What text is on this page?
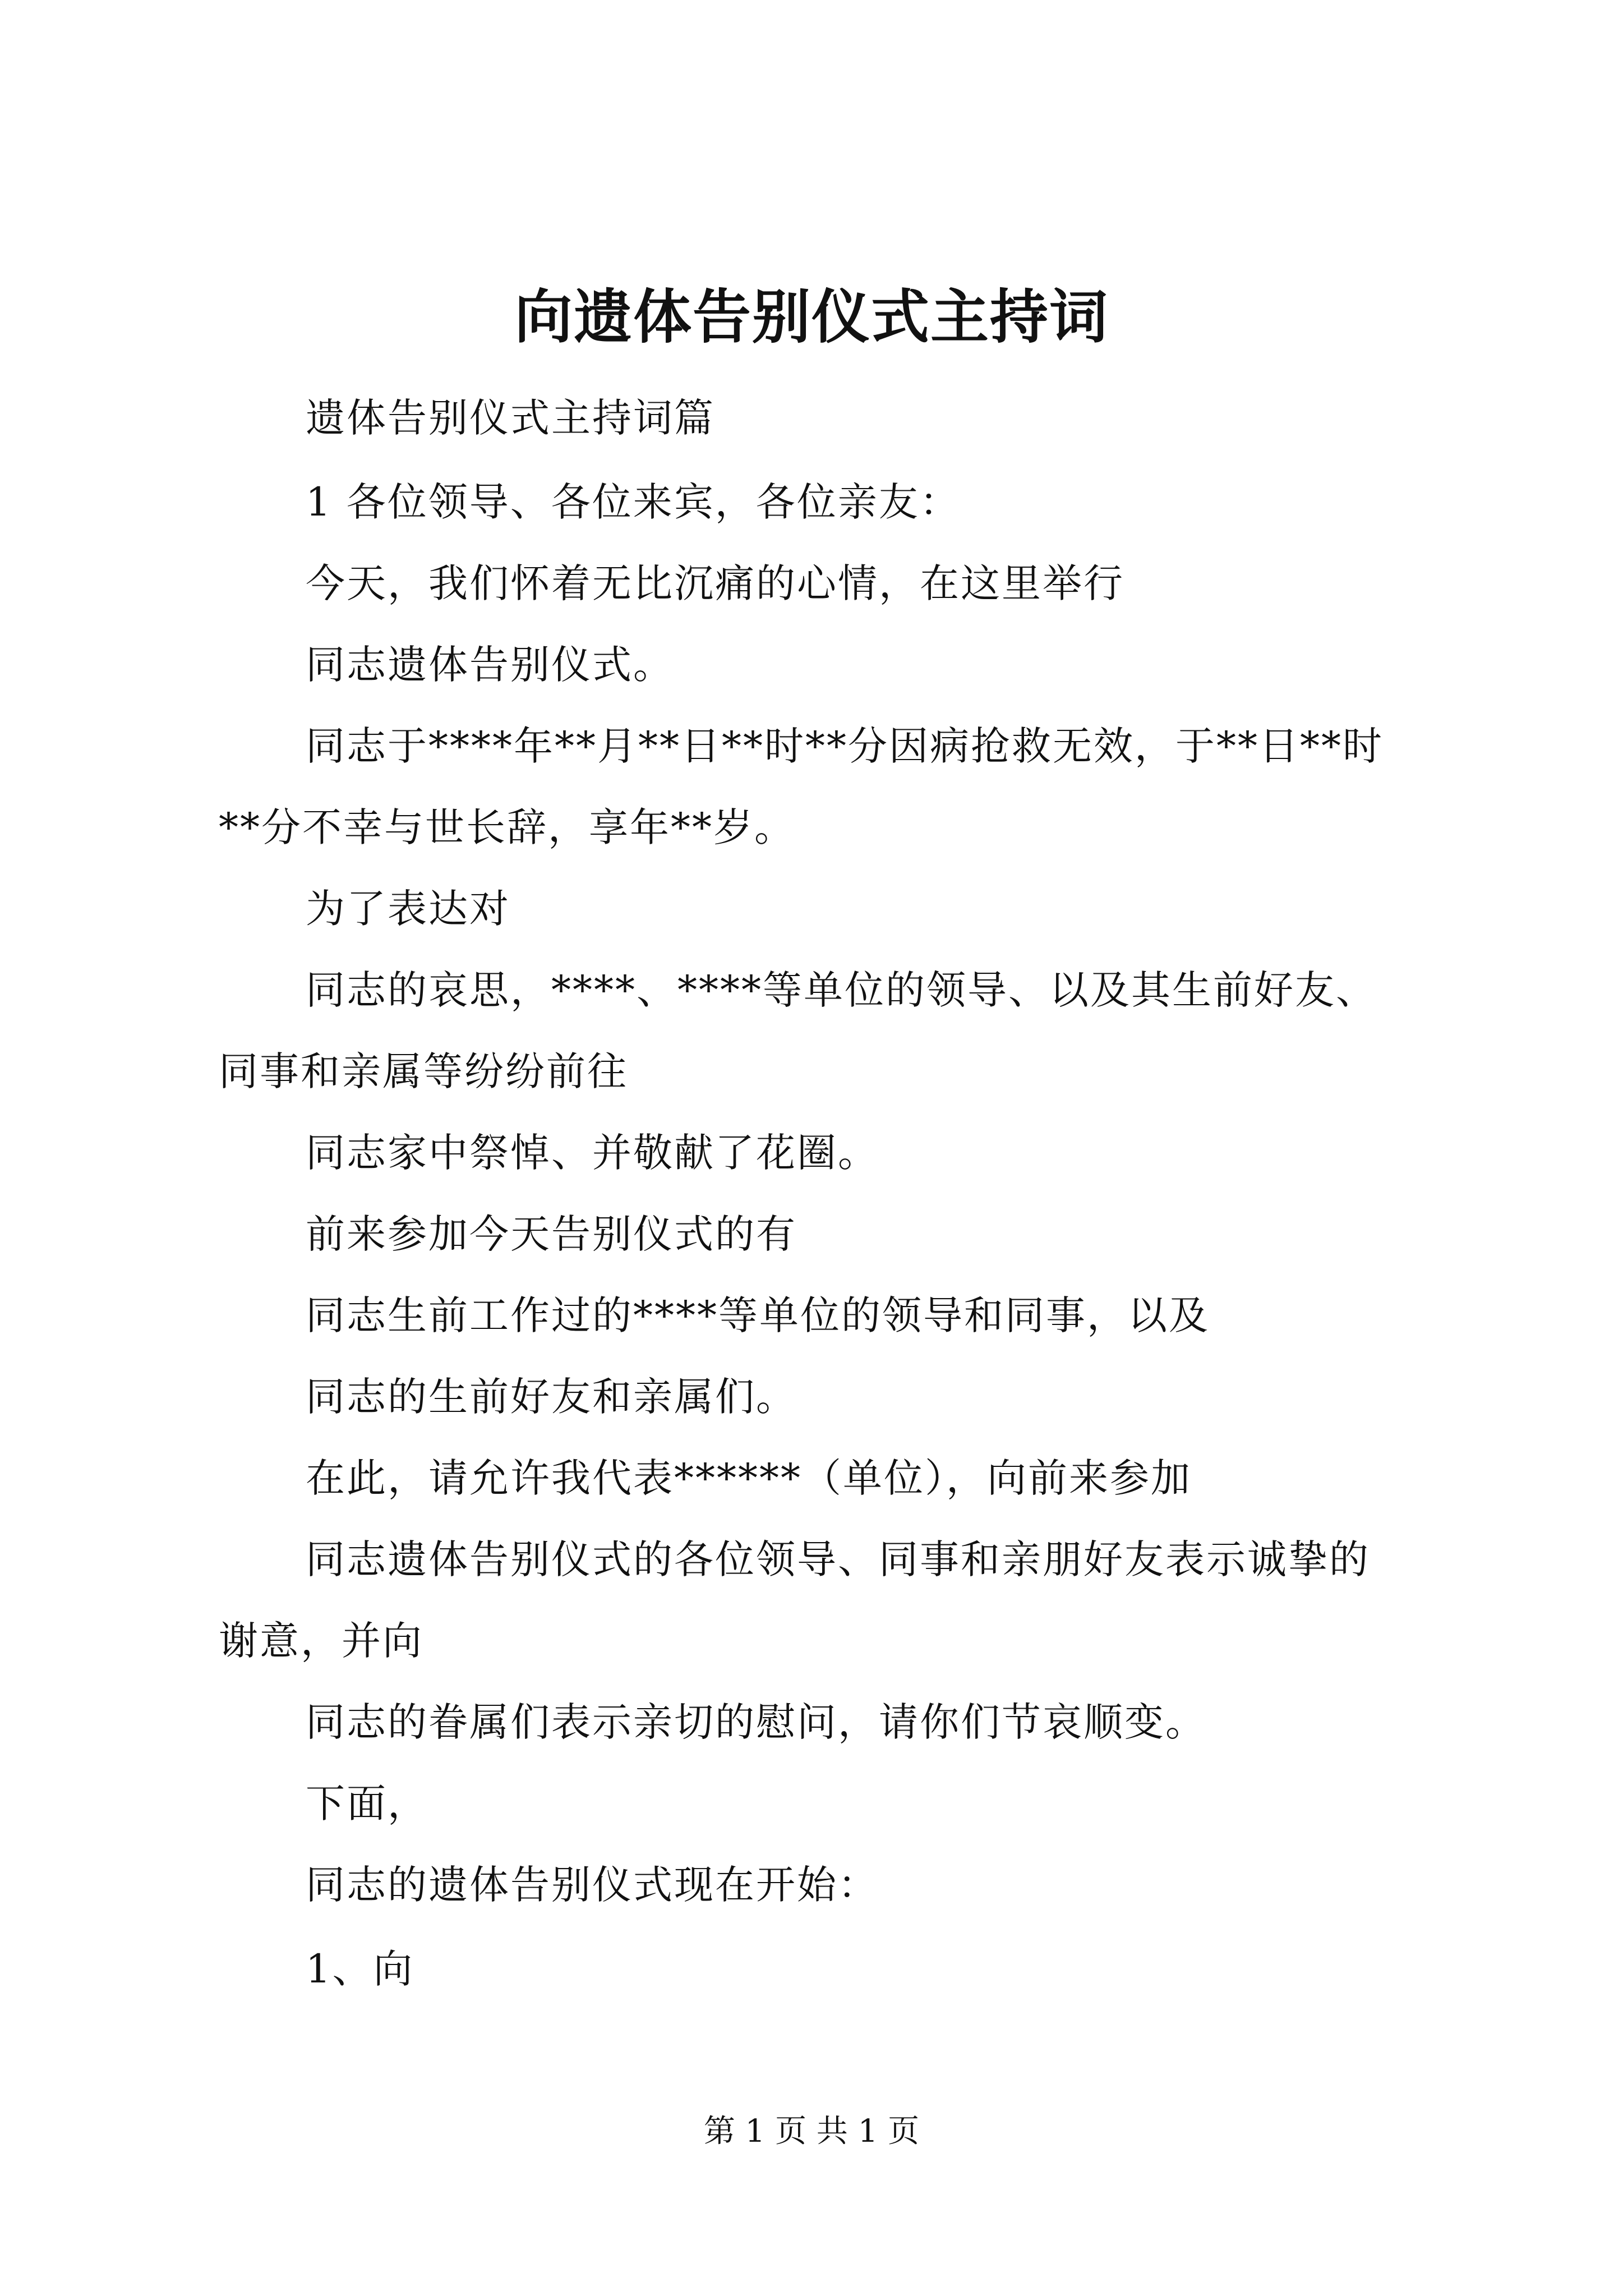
向遗体告别仪式主持词
遗体告别仪式主持词篇
1 各位领导、各位来宾，各位亲友：
今天，我们怀着无比沉痛的心情，在这里举行
同志遗体告别仪式。
同志于****年**月**日**时**分因病抢救无效，于**日**时
**分不幸与世长辞，享年**岁。
为了表达对
同志的哀思，****、****等单位的领导、以及其生前好友、
同事和亲属等纷纷前往
同志家中祭悼、并敬献了花圈。
前来参加今天告别仪式的有
同志生前工作过的****等单位的领导和同事，以及
同志的生前好友和亲属们。
在此，请允许我代表******（单位），向前来参加
同志遗体告别仪式的各位领导、同事和亲朋好友表示诚挚的
谢意，并向
同志的眷属们表示亲切的慰问，请你们节哀顺变。
下面，
同志的遗体告别仪式现在开始：
1、向
第 1 页 共 1 页
